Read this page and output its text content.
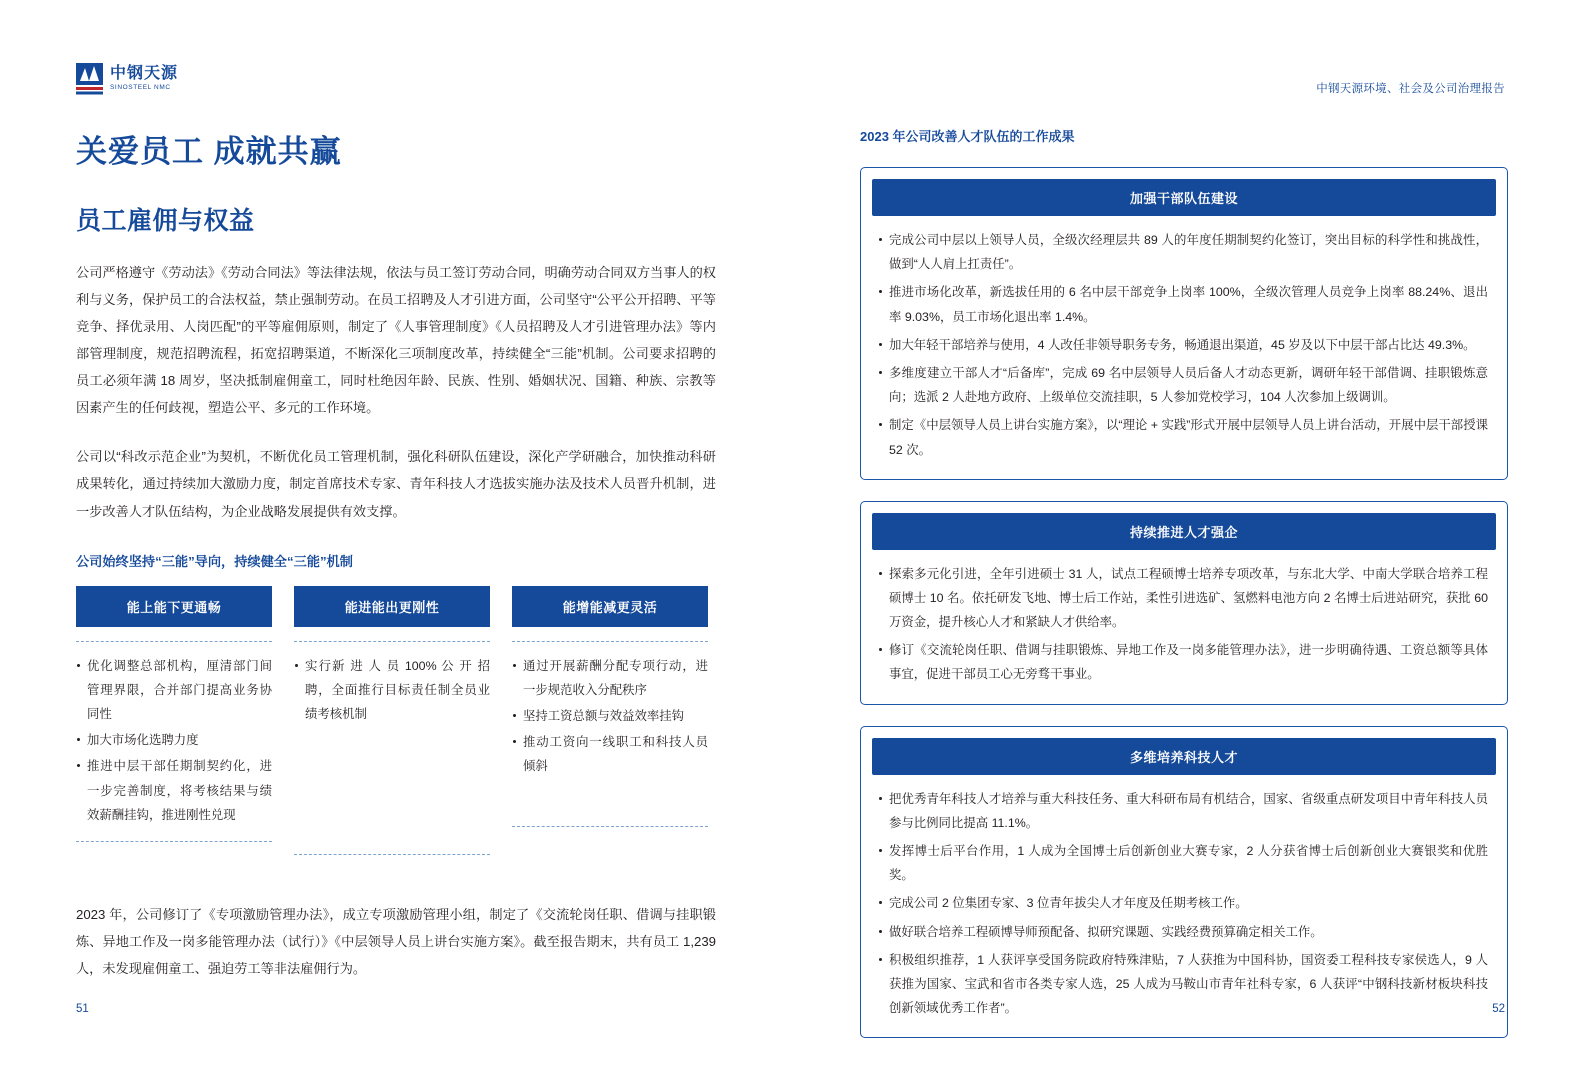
中钢天源
SINOSTEEL NMC	中钢天源环境、社会及公司治理报告
关爱员工 成就共赢
员工雇佣与权益

公司严格遵守《劳动法》《劳动合同法》等法律法规，依法与员工签订劳动合同，明确劳动合同双方当事人的权利与义务，保护员工的合法权益，禁止强制劳动。在员工招聘及人才引进方面，公司坚守“公平公开招聘、平等竞争、择优录用、人岗匹配”的平等雇佣原则，制定了《人事管理制度》《人员招聘及人才引进管理办法》等内部管理制度，规范招聘流程，拓宽招聘渠道，不断深化三项制度改革，持续健全“三能”机制。公司要求招聘的员工必须年满 18 周岁，坚决抵制雇佣童工，同时杜绝因年龄、民族、性别、婚姻状况、国籍、种族、宗教等因素产生的任何歧视，塑造公平、多元的工作环境。

公司以“科改示范企业”为契机，不断优化员工管理机制，强化科研队伍建设，深化产学研融合，加快推动科研成果转化，通过持续加大激励力度，制定首席技术专家、青年科技人才选拔实施办法及技术人员晋升机制，进一步改善人才队伍结构，为企业战略发展提供有效支撑。

公司始终坚持“三能”导向，持续健全“三能”机制
能上能下更通畅
优化调整总部机构，厘清部门间管理界限，合并部门提高业务协同性
加大市场化选聘力度
推进中层干部任期制契约化，进一步完善制度，将考核结果与绩效薪酬挂钩，推进刚性兑现
能进能出更刚性
实行新 进 人 员 100% 公 开 招聘，全面推行目标责任制全员业绩考核机制
能增能减更灵活
通过开展薪酬分配专项行动，进一步规范收入分配秩序
坚持工资总额与效益效率挂钩
推动工资向一线职工和科技人员倾斜

2023 年，公司修订了《专项激励管理办法》，成立专项激励管理小组，制定了《交流轮岗任职、借调与挂职锻炼、异地工作及一岗多能管理办法（试行）》《中层领导人员上讲台实施方案》。截至报告期末，共有员工 1,239 人，未发现雇佣童工、强迫劳工等非法雇佣行为。

2023 年公司改善人才队伍的工作成果
加强干部队伍建设
完成公司中层以上领导人员，全级次经理层共 89 人的年度任期制契约化签订，突出目标的科学性和挑战性，做到“人人肩上扛责任”。
推进市场化改革，新选拔任用的 6 名中层干部竞争上岗率 100%，全级次管理人员竞争上岗率 88.24%、退出率 9.03%，员工市场化退出率 1.4%。
加大年轻干部培养与使用，4 人改任非领导职务专务，畅通退出渠道，45 岁及以下中层干部占比达 49.3%。
多维度建立干部人才“后备库”，完成 69 名中层领导人员后备人才动态更新，调研年轻干部借调、挂职锻炼意向；选派 2 人赴地方政府、上级单位交流挂职，5 人参加党校学习，104 人次参加上级调训。
制定《中层领导人员上讲台实施方案》，以“理论 + 实践”形式开展中层领导人员上讲台活动，开展中层干部授课 52 次。
持续推进人才强企
探索多元化引进，全年引进硕士 31 人，试点工程硕博士培养专项改革，与东北大学、中南大学联合培养工程硕博士 10 名。依托研发飞地、博士后工作站，柔性引进选矿、氢燃料电池方向 2 名博士后进站研究，获批 60 万资金，提升核心人才和紧缺人才供给率。
修订《交流轮岗任职、借调与挂职锻炼、异地工作及一岗多能管理办法》，进一步明确待遇、工资总额等具体事宜，促进干部员工心无旁骛干事业。
多维培养科技人才
把优秀青年科技人才培养与重大科技任务、重大科研布局有机结合，国家、省级重点研发项目中青年科技人员参与比例同比提高 11.1%。
发挥博士后平台作用，1 人成为全国博士后创新创业大赛专家，2 人分获省博士后创新创业大赛银奖和优胜奖。
完成公司 2 位集团专家、3 位青年拔尖人才年度及任期考核工作。
做好联合培养工程硕博导师预配备、拟研究课题、实践经费预算确定相关工作。
积极组织推荐，1 人获评享受国务院政府特殊津贴，7 人获推为中国科协，国资委工程科技专家侯选人，9 人获推为国家、宝武和省市各类专家人选，25 人成为马鞍山市青年社科专家，6 人获评“中钢科技新材板块科技创新领域优秀工作者”。
51	52
